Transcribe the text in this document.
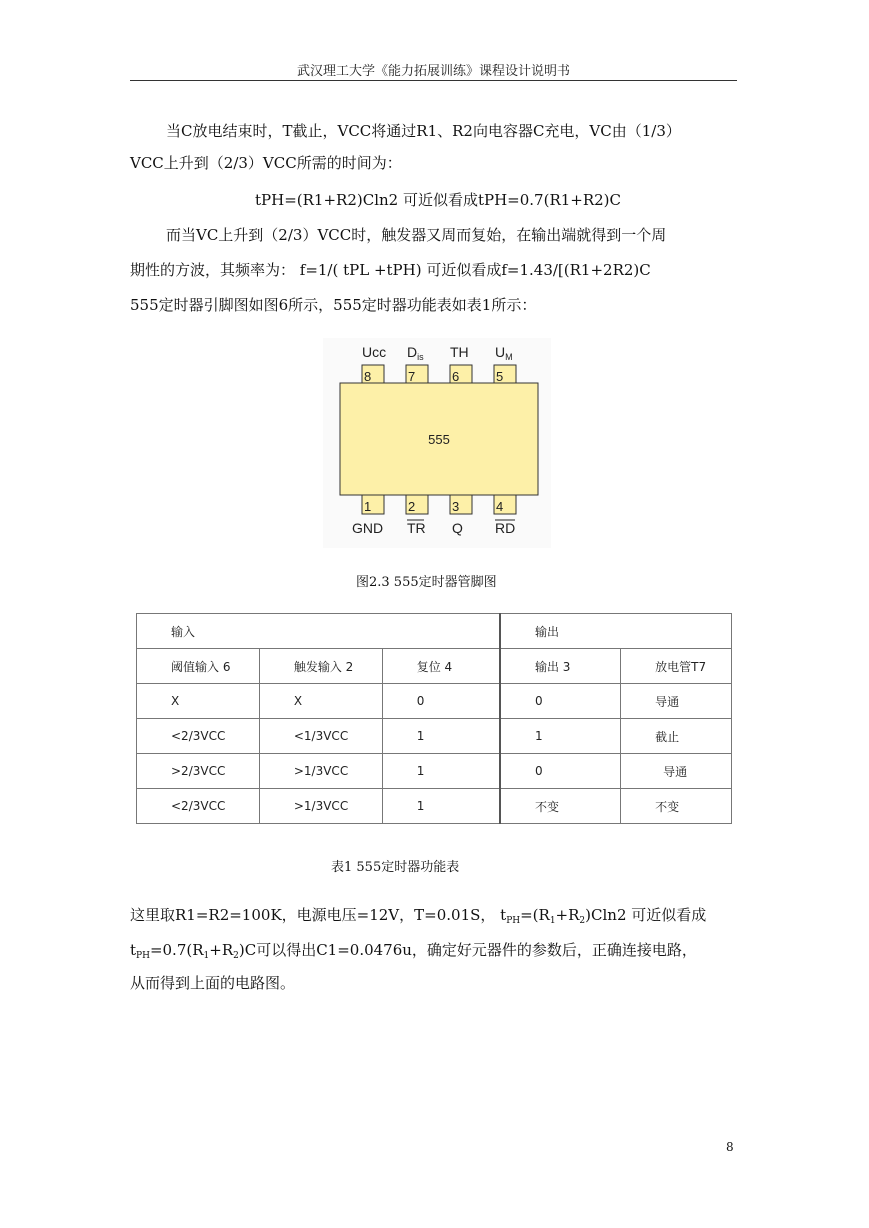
武汉理工大学《能力拓展训练》课程设计说明书
当C放电结束时，T截止，VCC将通过R1、R2向电容器C充电，VC由（1/3）
VCC上升到（2/3）VCC所需的时间为：
tPH=(R1+R2)Cln2 可近似看成tPH=0.7(R1+R2)C
而当VC上升到（2/3）VCC时，触发器又周而复始，在输出端就得到一个周
期性的方波，其频率为： f=1/( tPL +tPH) 可近似看成f=1.43/[(R1+2R2)C
555定时器引脚图如图6所示，555定时器功能表如表1所示：
555
8	7	6	5
Ucc $D_{is}$ TH $U_M$
1	2	3	4
GND TR Q RD
图2.3 555定时器管脚图
输入			输出	
阈值输入 6	触发输入 2	复位 4	输出 3	放电管T7
X	X	0	0	导通
<2/3VCC	<1/3VCC	1	1	截止
>2/3VCC	>1/3VCC	1	0	导通
<2/3VCC	>1/3VCC	1	不变	不变
表1 555定时器功能表
这里取R1=R2=100K，电源电压=12V，T=0.01S， $t_{PH}=(R_1+R_2)Cln2$ 可近似看成
$t_{PH}=0.7(R_1+R_2)C$可以得出C1=0.0476u，确定好元器件的参数后，正确连接电路，
从而得到上面的电路图。
8
